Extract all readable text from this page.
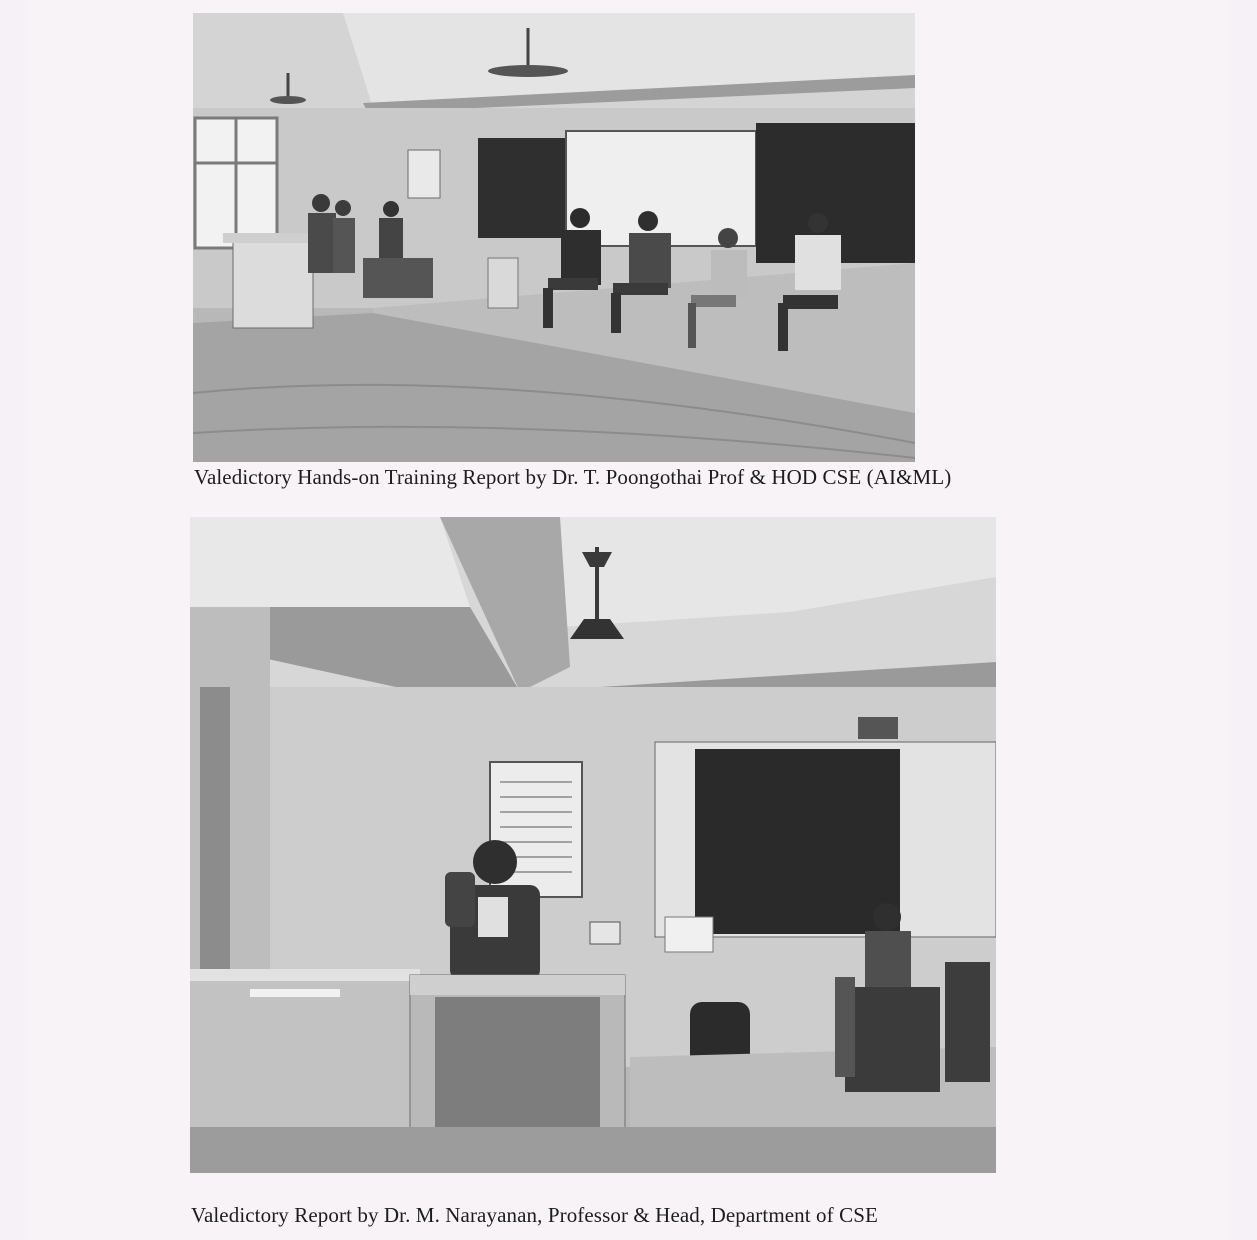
Valedictory Hands-on Training Report by Dr. T. Poongothai Prof & HOD CSE (AI&ML)
Valedictory Report by Dr. M. Narayanan, Professor & Head, Department of CSE
